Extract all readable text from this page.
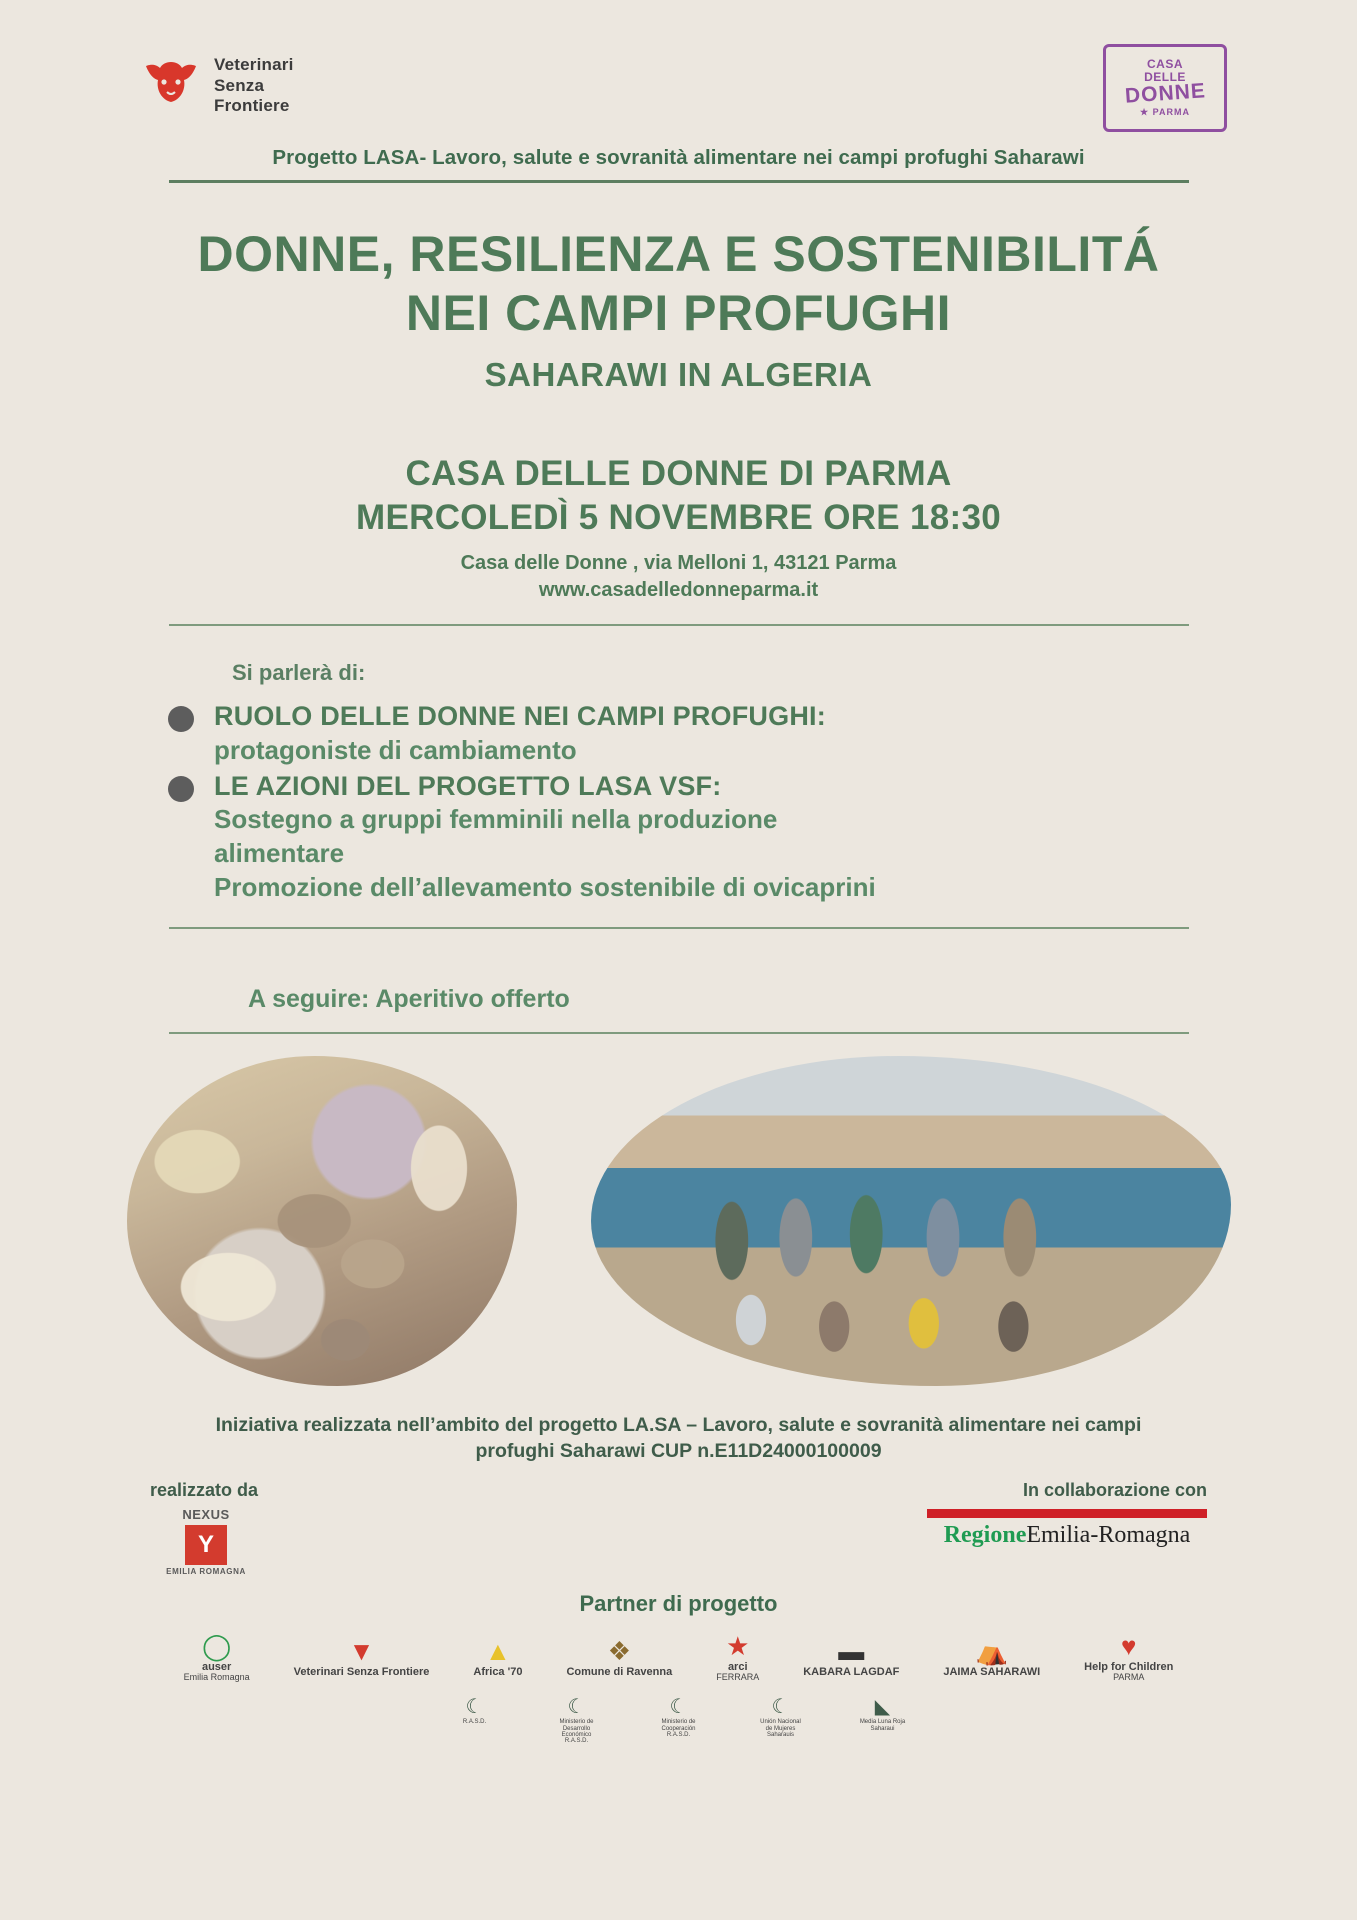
Veterinari
Senza
Frontiere
CASA
DELLE
DONNE
★ PARMA
Progetto LASA- Lavoro, salute e sovranità alimentare nei campi profughi Saharawi
DONNE, RESILIENZA E SOSTENIBILITÁ
NEI CAMPI PROFUGHI
SAHARAWI IN ALGERIA
CASA DELLE DONNE DI PARMA
MERCOLEDÌ 5 NOVEMBRE ORE 18:30
Casa delle Donne , via Melloni 1, 43121 Parma
www.casadelledonneparma.it
Si parlerà di:
RUOLO DELLE DONNE NEI CAMPI PROFUGHI:
protagoniste di cambiamento
LE AZIONI DEL PROGETTO LASA VSF:
Sostegno a gruppi femminili nella produzione
alimentare
Promozione dell’allevamento sostenibile di ovicaprini
A seguire: Aperitivo offerto
Iniziativa realizzata nell’ambito del progetto LA.SA – Lavoro, salute e sovranità alimentare nei campi
profughi Saharawi CUP n.E11D24000100009
realizzato da	In collaborazione con
NEXUS
Y
EMILIA ROMAGNA
RegioneEmilia-Romagna
Partner di progetto
◯
auser
Emilia Romagna
▼
Veterinari Senza Frontiere
▲
Africa '70
❖
Comune di Ravenna
★
arci
FERRARA
▬
KABARA LAGDAF
⛺
JAIMA SAHARAWI
♥
Help for Children
PARMA
☾
R.A.S.D.
☾
Ministerio de Desarrollo Económico R.A.S.D.
☾
Ministerio de Cooperación R.A.S.D.
☾
Unión Nacional de Mujeres Saharauis
◣
Media Luna Roja Saharaui
